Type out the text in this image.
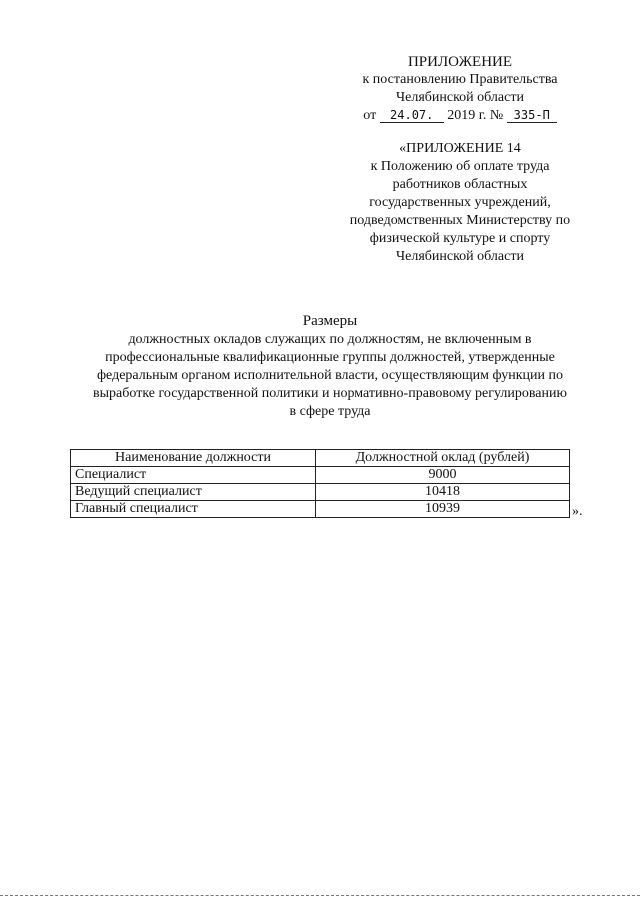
ПРИЛОЖЕНИЕ
к постановлению Правительства
Челябинской области
от 24.07. 2019 г. № 335-П
«ПРИЛОЖЕНИЕ 14
к Положению об оплате труда
работников областных
государственных учреждений,
подведомственных Министерству по
физической культуре и спорту
Челябинской области
Размеры
должностных окладов служащих по должностям, не включенным в
профессиональные квалификационные группы должностей, утвержденные
федеральным органом исполнительной власти, осуществляющим функции по
выработке государственной политики и нормативно-правовому регулированию
в сфере труда
Наименование должности	Должностной оклад (рублей)
Специалист	9000
Ведущий специалист	10418
Главный специалист	10939	».
